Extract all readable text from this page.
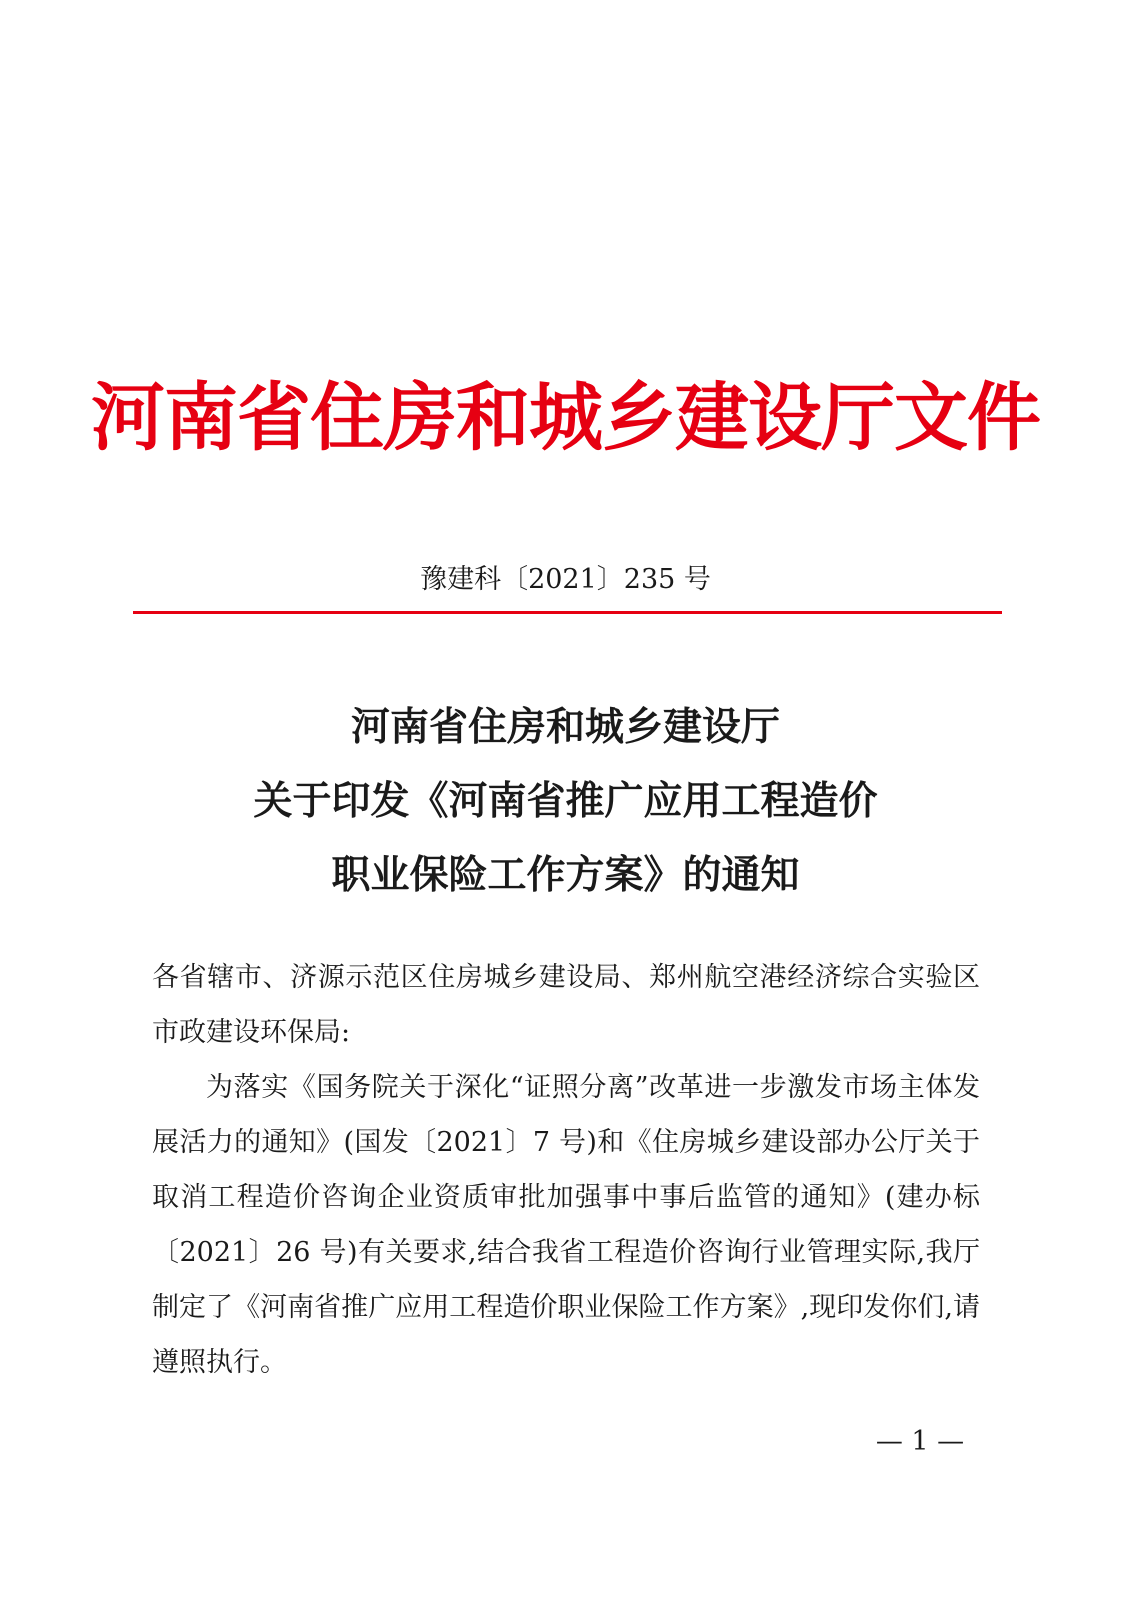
河南省住房和城乡建设厅文件
豫建科〔2021〕235 号
河南省住房和城乡建设厅
关于印发《河南省推广应用工程造价
职业保险工作方案》的通知

各省辖市、济源示范区住房城乡建设局、郑州航空港经济综合实验区市政建设环保局:

为落实《国务院关于深化“证照分离”改革进一步激发市场主体发展活力的通知》(国发〔2021〕7 号)和《住房城乡建设部办公厅关于取消工程造价咨询企业资质审批加强事中事后监管的通知》(建办标〔2021〕26 号)有关要求,结合我省工程造价咨询行业管理实际,我厅制定了《河南省推广应用工程造价职业保险工作方案》,现印发你们,请遵照执行。

— 1 —
